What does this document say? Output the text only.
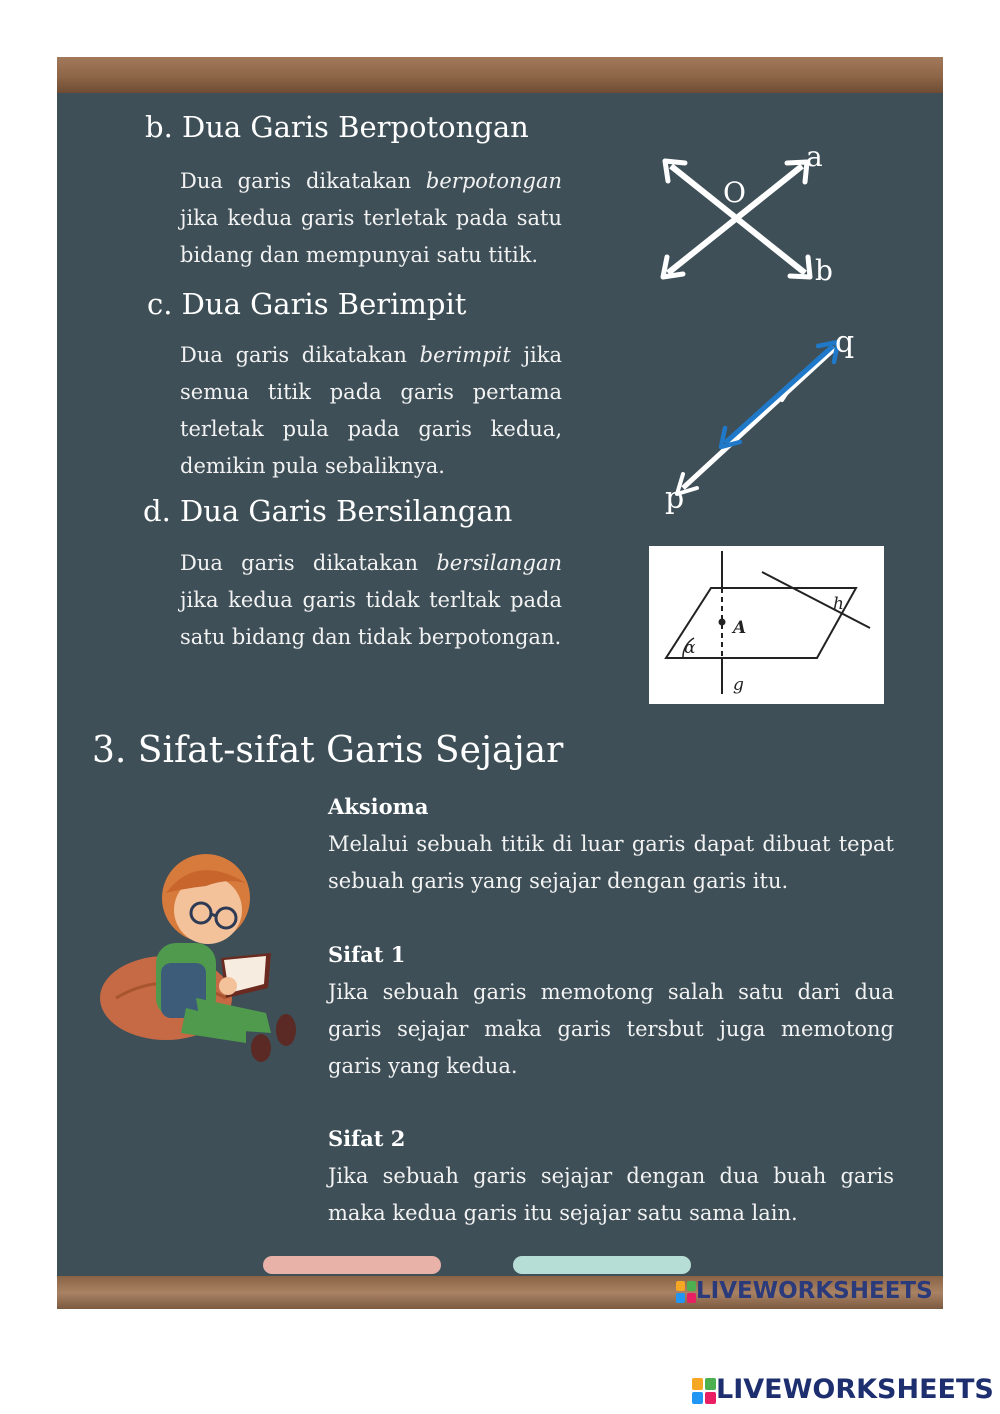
b. Dua Garis Berpotongan

Dua garis dikatakan berpotongan jika kedua garis terletak pada satu bidang dan mempunyai satu titik.

a
O
b
c. Dua Garis Berimpit

Dua garis dikatakan berimpit jika semua titik pada garis pertama terletak pula pada garis kedua, demikin pula sebaliknya.

q
p
d. Dua Garis Bersilangan

Dua garis dikatakan bersilangan jika kedua garis tidak terltak pada satu bidang dan tidak berpotongan.	A
h
α
g
3. Sifat-sifat Garis Sejajar
Aksioma

Melalui sebuah titik di luar garis dapat dibuat tepat sebuah garis yang sejajar dengan garis itu.

Sifat 1

Jika sebuah garis memotong salah satu dari dua garis sejajar maka garis tersbut juga memotong garis yang kedua.

Sifat 2

Jika sebuah garis sejajar dengan dua buah garis maka kedua garis itu sejajar satu sama lain.

LIVEWORKSHEETS
LIVEWORKSHEETS
